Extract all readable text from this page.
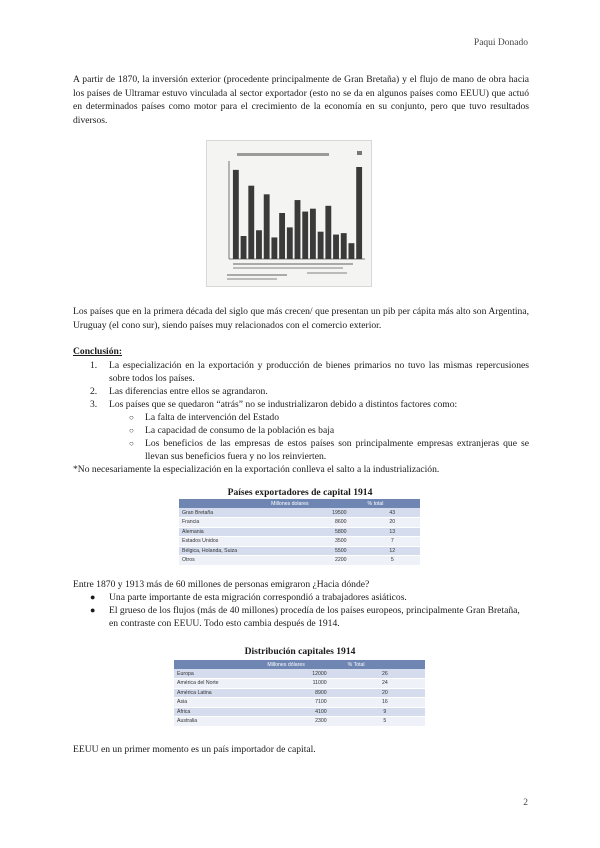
Paqui Donado

A partir de 1870, la inversión exterior (procedente principalmente de Gran Bretaña) y el flujo de mano de obra hacia los países de Ultramar estuvo vinculada al sector exportador (esto no se da en algunos países como EEUU) que actuó en determinados países como motor para el crecimiento de la economía en su conjunto, pero que tuvo resultados diversos.

Los países que en la primera década del siglo que más crecen/ que presentan un pib per cápita más alto son Argentina, Uruguay (el cono sur), siendo países muy relacionados con el comercio exterior.

Conclusión:
1. La especialización en la exportación y producción de bienes primarios no tuvo las mismas repercusiones sobre todos los países.
2. Las diferencias entre ellos se agrandaron.
3. Los países que se quedaron “atrás” no se industrializaron debido a distintos factores como:
○ La falta de intervención del Estado
○ La capacidad de consumo de la población es baja
○ Los beneficios de las empresas de estos países son principalmente empresas extranjeras que se llevan sus beneficios fuera y no los reinvierten.
*No necesariamente la especialización en la exportación conlleva el salto a la industrialización.
Países exportadores de capital 1914
	Millones dolares	% total
Gran Bretaña	19500	43
Francia	8600	20
Alemania	5800	13
Estados Unidos	3500	7
Bélgica, Holanda, Suiza	5500	12
Otros	2200	5
Entre 1870 y 1913 más de 60 millones de personas emigraron ¿Hacia dónde?
● Una parte importante de esta migración correspondió a trabajadores asiáticos.
● El grueso de los flujos (más de 40 millones) procedía de los países europeos, principalmente Gran Bretaña, en contraste con EEUU. Todo esto cambia después de 1914.
Distribución capitales 1914
	Millones dólares	% Total
Europa	12000	26
América del Norte	11000	24
América Latina	8900	20
Asia	7100	16
África	4100	9
Australia	2300	5
EEUU en un primer momento es un país importador de capital.
2
